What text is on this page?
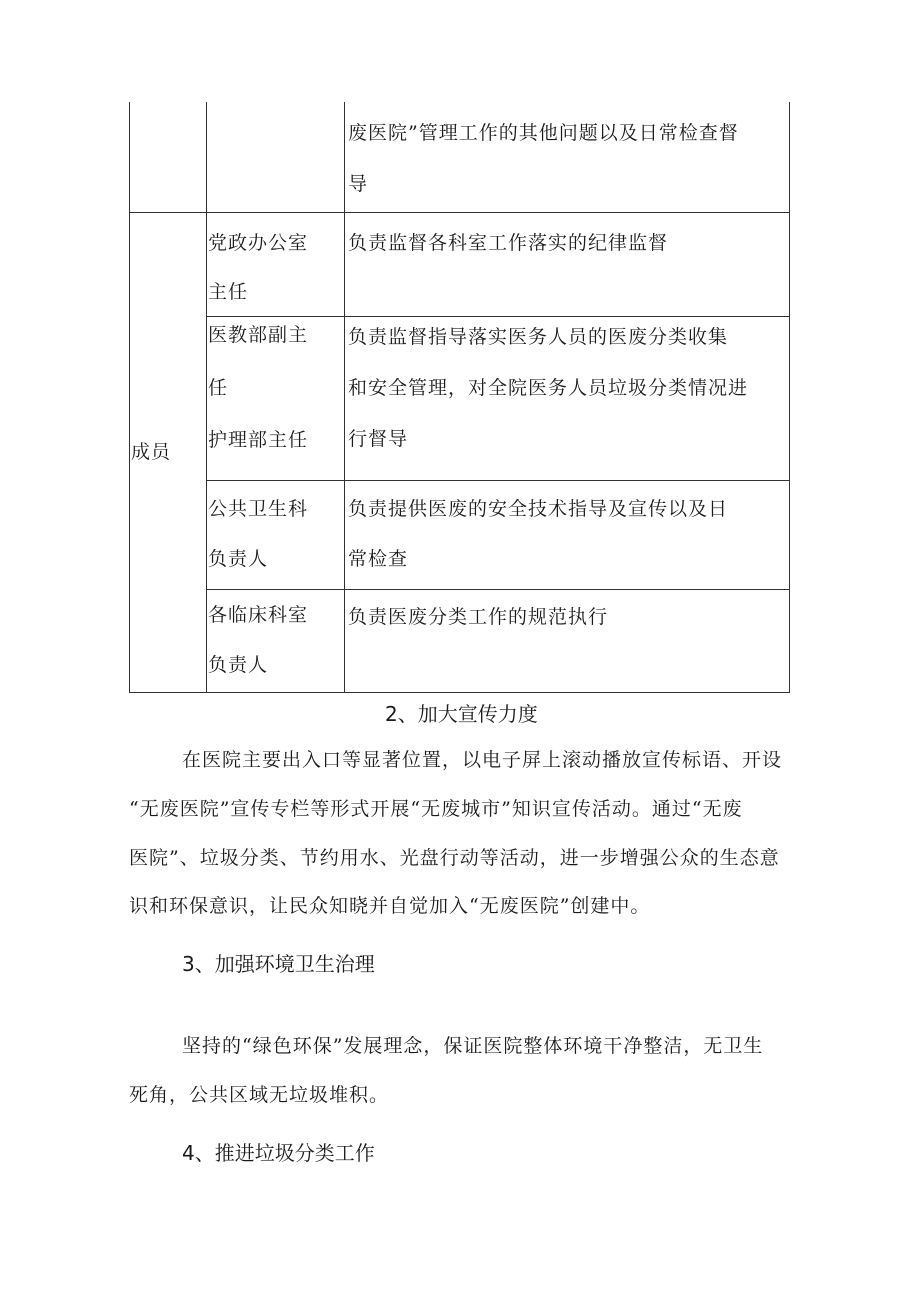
废医院”管理工作的其他问题以及日常检查督
导
成员
党政办公室
主任
负责监督各科室工作落实的纪律监督
医教部副主
任
护理部主任
负责监督指导落实医务人员的医废分类收集
和安全管理，对全院医务人员垃圾分类情况进
行督导
公共卫生科
负责人
负责提供医废的安全技术指导及宣传以及日
常检查
各临床科室
负责人
负责医废分类工作的规范执行
2、加大宣传力度
在医院主要出入口等显著位置，以电子屏上滚动播放宣传标语、开设
“无废医院”宣传专栏等形式开展“无废城市”知识宣传活动。通过“无废
医院”、垃圾分类、节约用水、光盘行动等活动，进一步增强公众的生态意
识和环保意识，让民众知晓并自觉加入“无废医院”创建中。
3、加强环境卫生治理
坚持的“绿色环保”发展理念，保证医院整体环境干净整洁，无卫生
死角，公共区域无垃圾堆积。
4、推进垃圾分类工作
